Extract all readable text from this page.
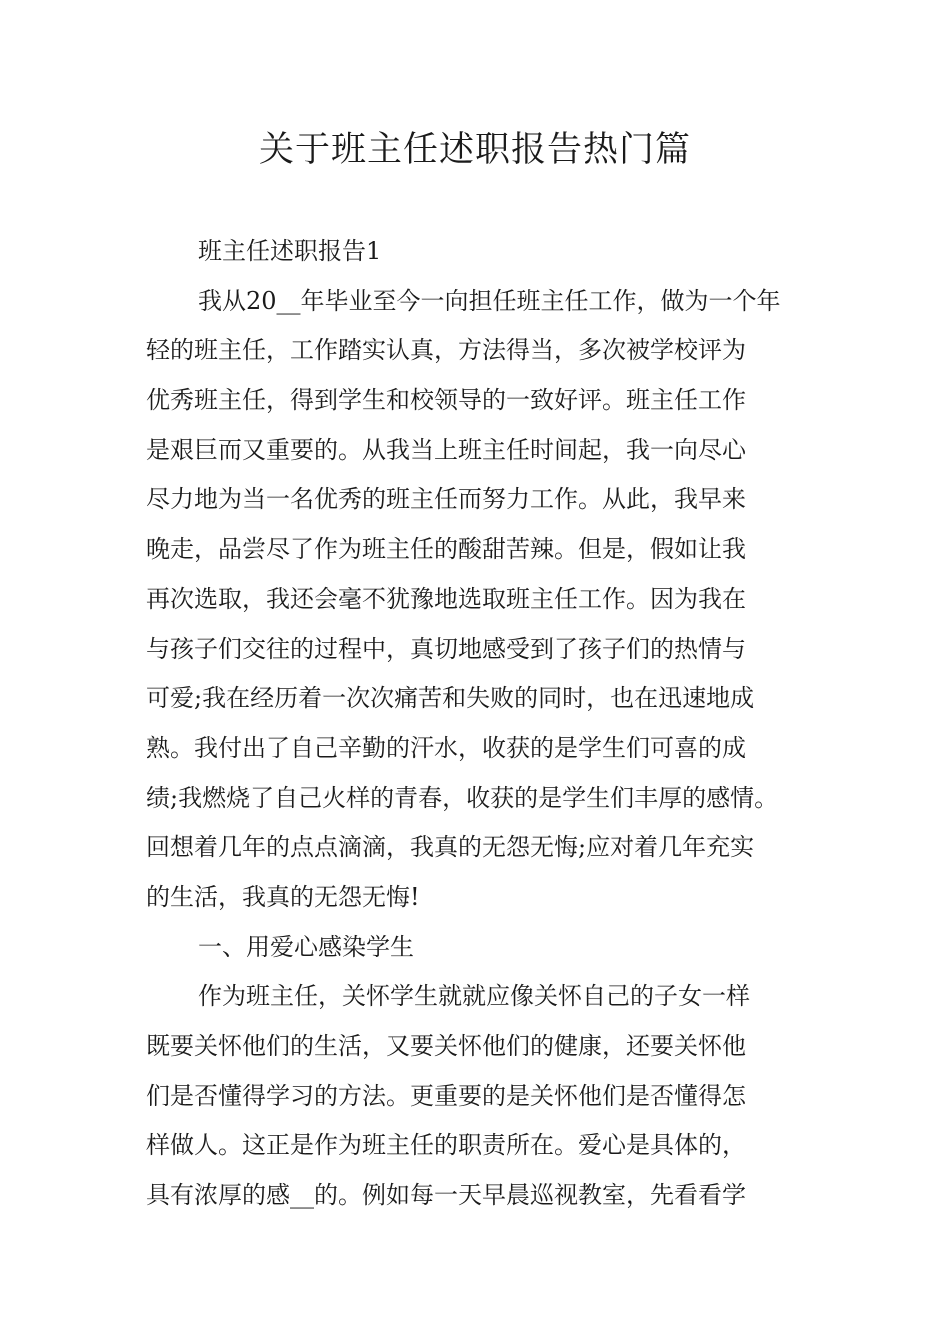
关于班主任述职报告热门篇

班主任述职报告1

我从20__年毕业至今一向担任班主任工作，做为一个年

轻的班主任，工作踏实认真，方法得当，多次被学校评为

优秀班主任，得到学生和校领导的一致好评。班主任工作

是艰巨而又重要的。从我当上班主任时间起，我一向尽心

尽力地为当一名优秀的班主任而努力工作。从此，我早来

晚走，品尝尽了作为班主任的酸甜苦辣。但是，假如让我

再次选取，我还会毫不犹豫地选取班主任工作。因为我在

与孩子们交往的过程中，真切地感受到了孩子们的热情与

可爱;我在经历着一次次痛苦和失败的同时，也在迅速地成

熟。我付出了自己辛勤的汗水，收获的是学生们可喜的成

绩;我燃烧了自己火样的青春，收获的是学生们丰厚的感情。

回想着几年的点点滴滴，我真的无怨无悔;应对着几年充实

的生活，我真的无怨无悔!

一、用爱心感染学生

作为班主任，关怀学生就就应像关怀自己的子女一样

既要关怀他们的生活，又要关怀他们的健康，还要关怀他

们是否懂得学习的方法。更重要的是关怀他们是否懂得怎

样做人。这正是作为班主任的职责所在。爱心是具体的，

具有浓厚的感__的。例如每一天早晨巡视教室，先看看学
